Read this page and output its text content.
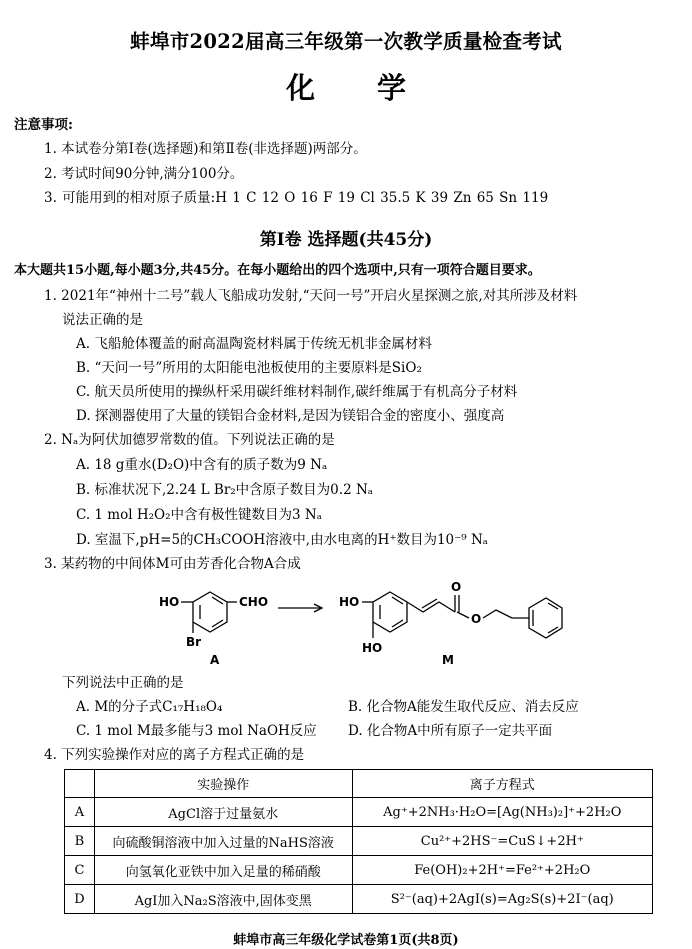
蚌埠市2022届高三年级第一次教学质量检查考试
化学
注意事项:
1. 本试卷分第Ⅰ卷(选择题)和第Ⅱ卷(非选择题)两部分。
2. 考试时间90分钟,满分100分。
3. 可能用到的相对原子质量:H 1 C 12 O 16 F 19 Cl 35.5 K 39 Zn 65 Sn 119
第Ⅰ卷 选择题(共45分)
本大题共15小题,每小题3分,共45分。在每小题给出的四个选项中,只有一项符合题目要求。
1. 2021年“神州十二号”载人飞船成功发射,“天问一号”开启火星探测之旅,对其所涉及材料
说法正确的是
A. 飞船舱体覆盖的耐高温陶瓷材料属于传统无机非金属材料
B. “天问一号”所用的太阳能电池板使用的主要原料是SiO₂
C. 航天员所使用的操纵杆采用碳纤维材料制作,碳纤维属于有机高分子材料
D. 探测器使用了大量的镁铝合金材料,是因为镁铝合金的密度小、强度高
2. Nₐ为阿伏加德罗常数的值。下列说法正确的是
A. 18 g重水(D₂O)中含有的质子数为9 Nₐ
B. 标准状况下,2.24 L Br₂中含原子数目为0.2 Nₐ
C. 1 mol H₂O₂中含有极性键数目为3 Nₐ
D. 室温下,pH=5的CH₃COOH溶液中,由水电离的H⁺数目为10⁻⁹ Nₐ
3. 某药物的中间体M可由芳香化合物A合成
HO	CHO
Br
A
HO
HO
O
O
M
下列说法中正确的是
A. M的分子式C₁₇H₁₈O₄	B. 化合物A能发生取代反应、消去反应
C. 1 mol M最多能与3 mol NaOH反应 D. 化合物A中所有原子一定共平面
4. 下列实验操作对应的离子方程式正确的是
	实验操作	离子方程式
A	AgCl溶于过量氨水	Ag⁺+2NH₃·H₂O=[Ag(NH₃)₂]⁺+2H₂O
B	向硫酸铜溶液中加入过量的NaHS溶液	Cu²⁺+2HS⁻=CuS↓+2H⁺
C	向氢氧化亚铁中加入足量的稀硝酸	Fe(OH)₂+2H⁺=Fe²⁺+2H₂O
D	AgI加入Na₂S溶液中,固体变黑	S²⁻(aq)+2AgI(s)=Ag₂S(s)+2I⁻(aq)
蚌埠市高三年级化学试卷第1页(共8页)
